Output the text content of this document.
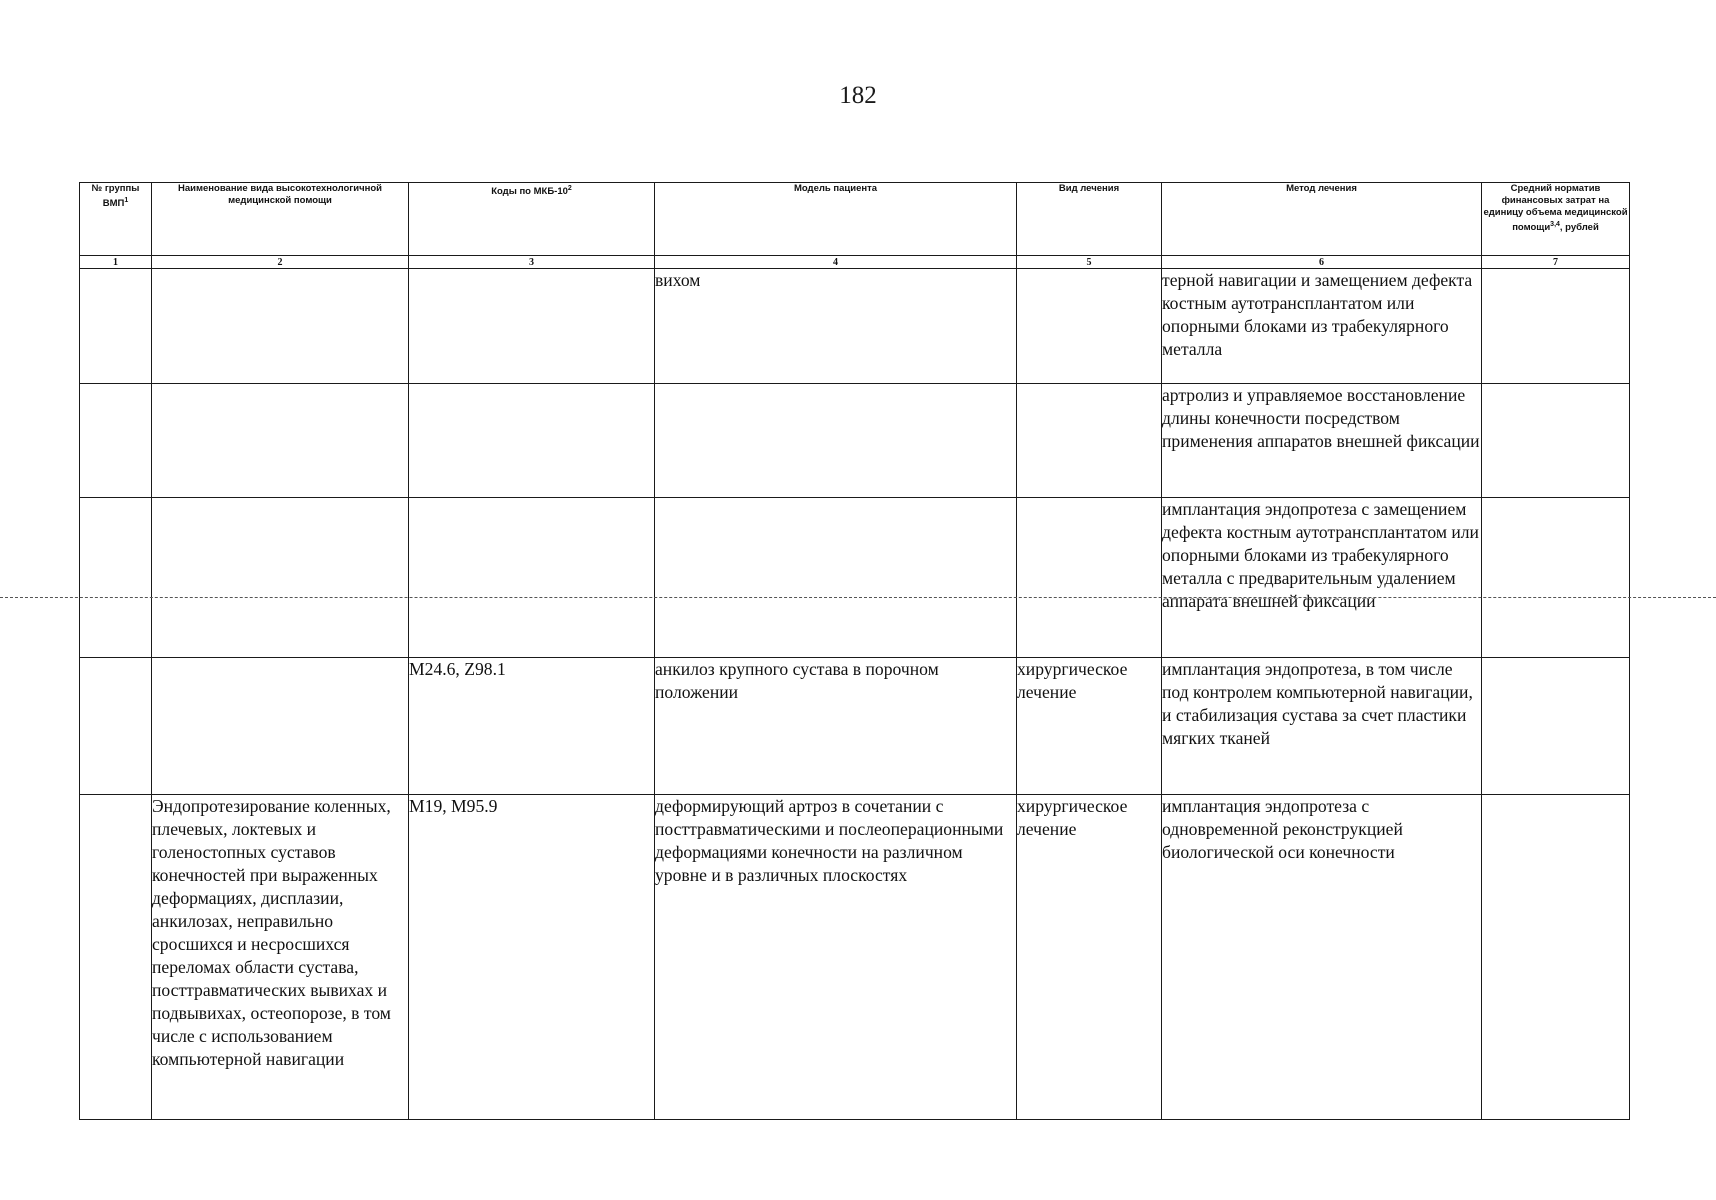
182
№ группы ВМП$^1$	Наименование вида высокотехнологичной медицинской помощи	Коды по МКБ-$10^2$	Модель пациента	Вид лечения	Метод лечения	Средний норматив финансовых затрат на единицу объема медицинской помощи$^{3,4}$, рублей
1	2	3	4	5	6	7
			вихом		терной навигации и замещением дефекта костным аутотрансплантатом или опорными блоками из трабекулярного металла	
					артролиз и управляемое восстановление длины конечности посредством применения аппаратов внешней фиксации	
					имплантация эндопротеза с замещением дефекта костным аутотрансплантатом или опорными блоками из трабекулярного металла с предварительным удалением аппарата внешней фиксации	
		M24.6, Z98.1	анкилоз крупного сустава в порочном положении	хирургическое лечение	имплантация эндопротеза, в том числе под контролем компьютерной навигации, и стабилизация сустава за счет пластики мягких тканей	
	Эндопротезирование коленных, плечевых, локтевых и голеностопных суставов конечностей при выраженных деформациях, дисплазии, анкилозах, неправильно сросшихся и несросшихся переломах области сустава, посттравматических вывихах и подвывихах, остеопорозе, в том числе с использованием компьютерной навигации	M19, M95.9	деформирующий артроз в сочетании с посттравматическими и послеоперационными деформациями конечности на различном уровне и в различных плоскостях	хирургическое лечение	имплантация эндопротеза с одновременной реконструкцией биологической оси конечности	
